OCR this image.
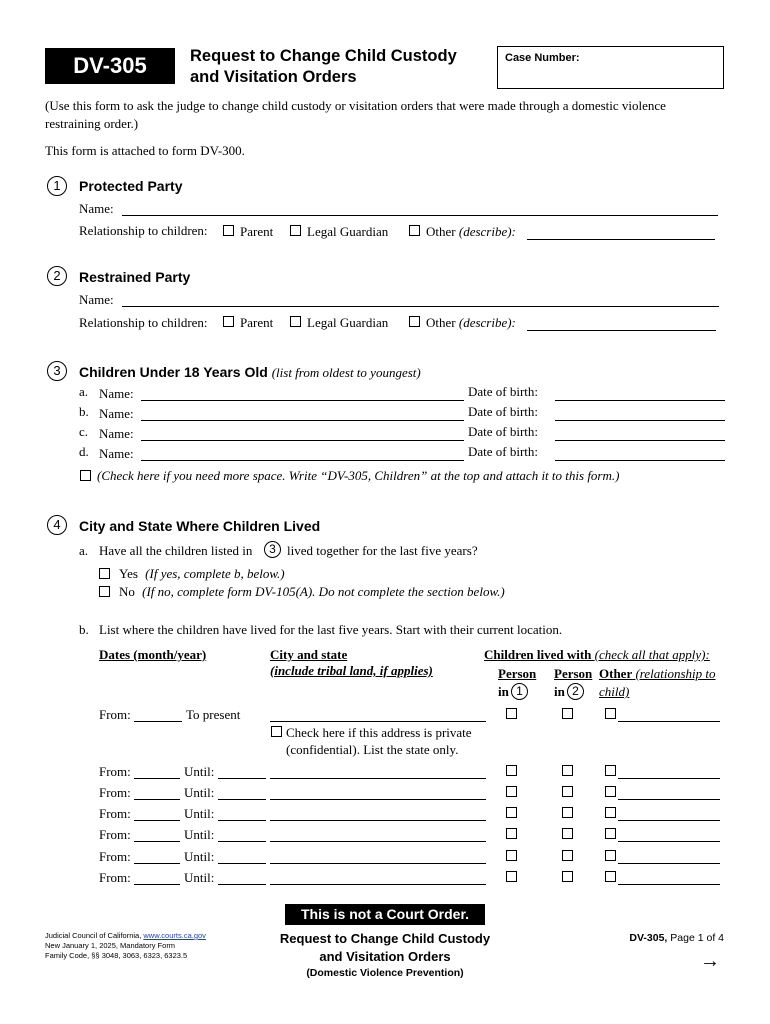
DV-305	Request to Change Child Custody
and Visitation Orders
Case Number:
(Use this form to ask the judge to change child custody or visitation orders that were made through a domestic violence
restraining order.)
This form is attached to form DV-300.
1	Protected Party
Name:
Relationship to children: Parent	Legal Guardian	Other (describe):
2	Restrained Party
Name:
Relationship to children: Parent	Legal Guardian	Other (describe):
3	Children Under 18 Years Old (list from oldest to youngest)
a. Name:	Date of birth:
b. Name:	Date of birth:
c. Name:	Date of birth:
d. Name:	Date of birth:
(Check here if you need more space. Write “DV-305, Children” at the top and attach it to this form.)
4	City and State Where Children Lived
a. Have all the children listed in	3 lived together for the last five years?
Yes (If yes, complete b, below.)
No (If no, complete form DV-105(A). Do not complete the section below.)
b. List where the children have lived for the last five years. Start with their current location.
Dates (month/year)	City and state
(include tribal land, if applies)
Children lived with (check all that apply):
Person
in 1
Person
in 2
Other (relationship to
child)
From:	To present
Check here if this address is private
(confidential). List the state only.
From:	Until:
From:	Until:
From:	Until:
From:	Until:
From:	Until:
From:	Until:
This is not a Court Order.
Judicial Council of California, www.courts.ca.gov
New January 1, 2025, Mandatory Form
Family Code, §§ 3048, 3063, 6323, 6323.5
Request to Change Child Custody
and Visitation Orders
(Domestic Violence Prevention)
DV-305, Page 1 of 4
→
